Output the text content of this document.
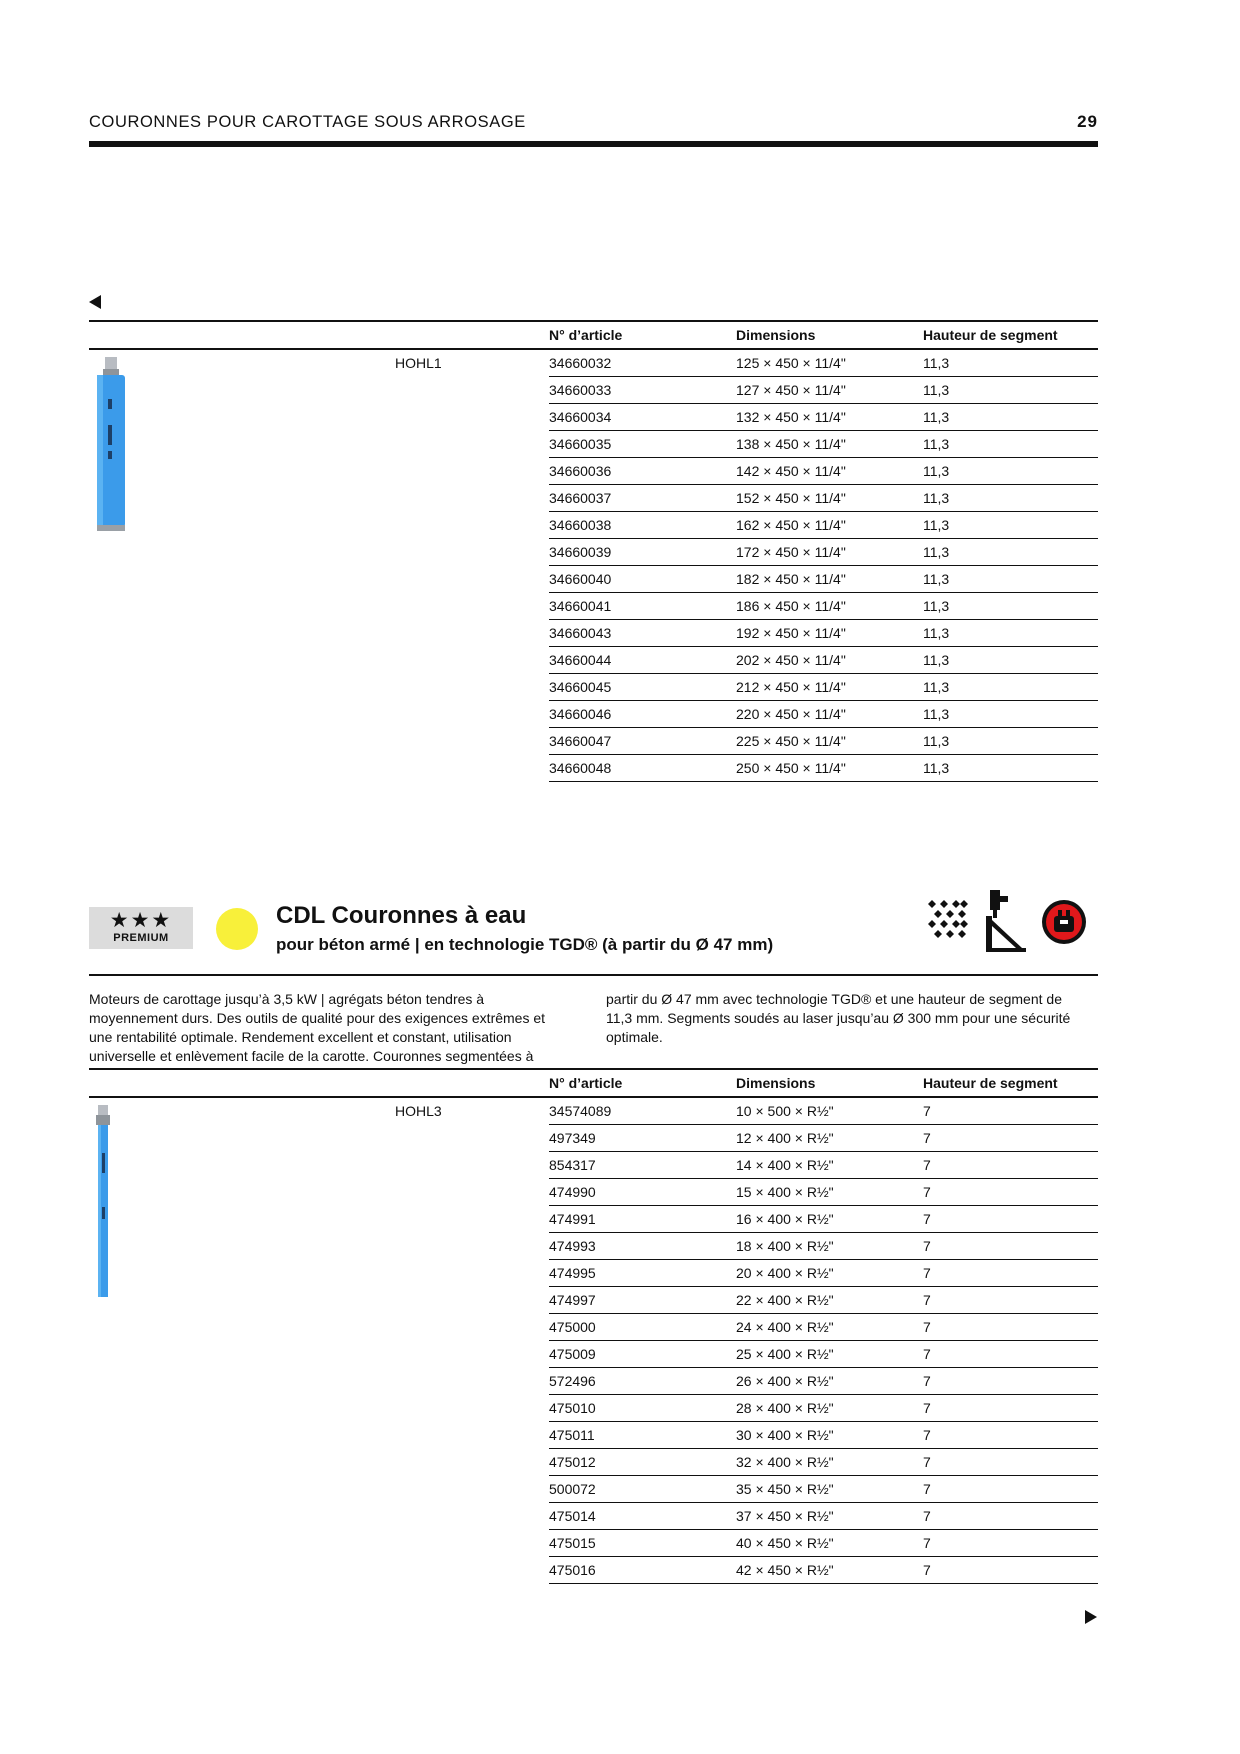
COURONNES POUR CAROTTAGE SOUS ARROSAGE	29
		N° d’article	Dimensions	Hauteur de segment
	HOHL1	34660032	125 × 450 × 11/4"	11,3
		34660033	127 × 450 × 11/4"	11,3
		34660034	132 × 450 × 11/4"	11,3
		34660035	138 × 450 × 11/4"	11,3
		34660036	142 × 450 × 11/4"	11,3
		34660037	152 × 450 × 11/4"	11,3
		34660038	162 × 450 × 11/4"	11,3
		34660039	172 × 450 × 11/4"	11,3
		34660040	182 × 450 × 11/4"	11,3
		34660041	186 × 450 × 11/4"	11,3
		34660043	192 × 450 × 11/4"	11,3
		34660044	202 × 450 × 11/4"	11,3
		34660045	212 × 450 × 11/4"	11,3
		34660046	220 × 450 × 11/4"	11,3
		34660047	225 × 450 × 11/4"	11,3
		34660048	250 × 450 × 11/4"	11,3
★★★
PREMIUM
CDL Couronnes à eau
pour béton armé | en technologie TGD® (à partir du Ø 47 mm)
Moteurs de carottage jusqu’à 3,5 kW | agrégats béton tendres à moyennement durs. Des outils de qualité pour des exigences extrêmes et une rentabilité optimale. Rendement excellent et constant, utilisation universelle et enlèvement facile de la carotte. Couronnes segmentées à
partir du Ø 47 mm avec technologie TGD® et une hauteur de segment de 11,3 mm. Segments soudés au laser jusqu’au Ø 300 mm pour une sécurité optimale.
		N° d’article	Dimensions	Hauteur de segment
	HOHL3	34574089	10 × 500 × R½"	7
		497349	12 × 400 × R½"	7
		854317	14 × 400 × R½"	7
		474990	15 × 400 × R½"	7
		474991	16 × 400 × R½"	7
		474993	18 × 400 × R½"	7
		474995	20 × 400 × R½"	7
		474997	22 × 400 × R½"	7
		475000	24 × 400 × R½"	7
		475009	25 × 400 × R½"	7
		572496	26 × 400 × R½"	7
		475010	28 × 400 × R½"	7
		475011	30 × 400 × R½"	7
		475012	32 × 400 × R½"	7
		500072	35 × 450 × R½"	7
		475014	37 × 450 × R½"	7
		475015	40 × 450 × R½"	7
		475016	42 × 450 × R½"	7
